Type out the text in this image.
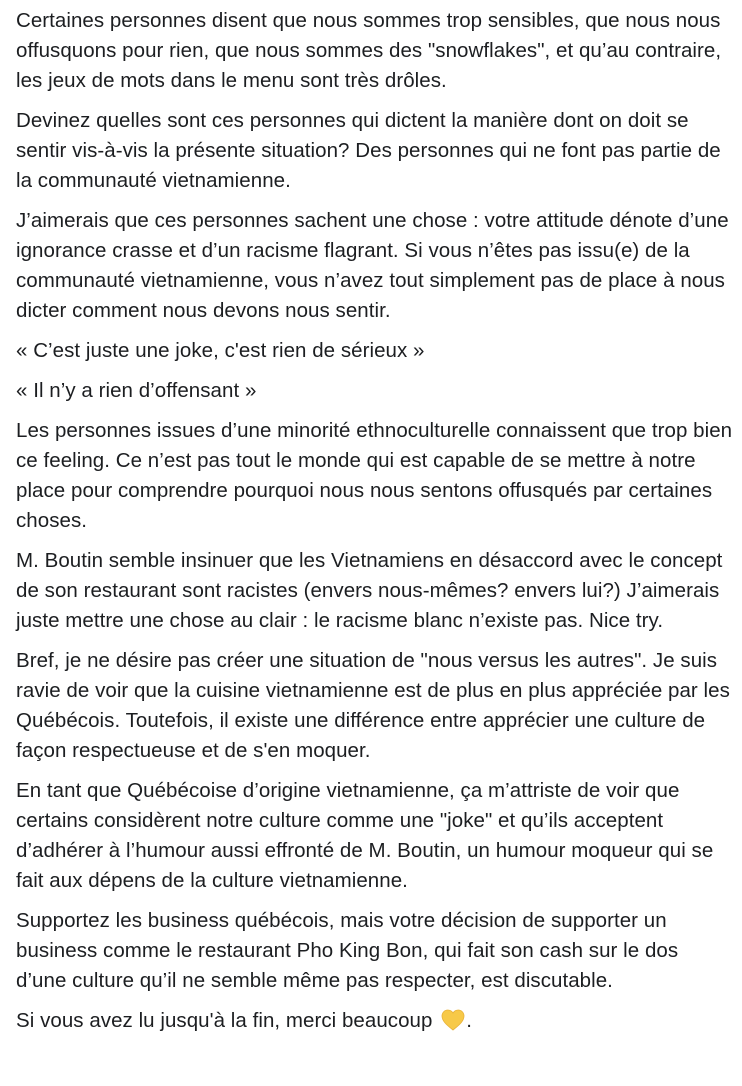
Certaines personnes disent que nous sommes trop sensibles, que nous nous offusquons pour rien, que nous sommes des "snowflakes", et qu’au contraire, les jeux de mots dans le menu sont très drôles.

Devinez quelles sont ces personnes qui dictent la manière dont on doit se sentir vis-à-vis la présente situation? Des personnes qui ne font pas partie de la communauté vietnamienne.

J’aimerais que ces personnes sachent une chose : votre attitude dénote d’une ignorance crasse et d’un racisme flagrant. Si vous n’êtes pas issu(e) de la communauté vietnamienne, vous n’avez tout simplement pas de place à nous dicter comment nous devons nous sentir.

« C’est juste une joke, c'est rien de sérieux »

« Il n’y a rien d’offensant »

Les personnes issues d’une minorité ethnoculturelle connaissent que trop bien ce feeling. Ce n’est pas tout le monde qui est capable de se mettre à notre place pour comprendre pourquoi nous nous sentons offusqués par certaines choses.

M. Boutin semble insinuer que les Vietnamiens en désaccord avec le concept de son restaurant sont racistes (envers nous-mêmes? envers lui?) J’aimerais juste mettre une chose au clair : le racisme blanc n’existe pas. Nice try.

Bref, je ne désire pas créer une situation de "nous versus les autres". Je suis ravie de voir que la cuisine vietnamienne est de plus en plus appréciée par les Québécois. Toutefois, il existe une différence entre apprécier une culture de façon respectueuse et de s'en moquer.

En tant que Québécoise d’origine vietnamienne, ça m’attriste de voir que certains considèrent notre culture comme une "joke" et qu’ils acceptent d’adhérer à l’humour aussi effronté de M. Boutin, un humour moqueur qui se fait aux dépens de la culture vietnamienne.

Supportez les business québécois, mais votre décision de supporter un business comme le restaurant Pho King Bon, qui fait son cash sur le dos d’une culture qu’il ne semble même pas respecter, est discutable.

Si vous avez lu jusqu'à la fin, merci beaucoup .
